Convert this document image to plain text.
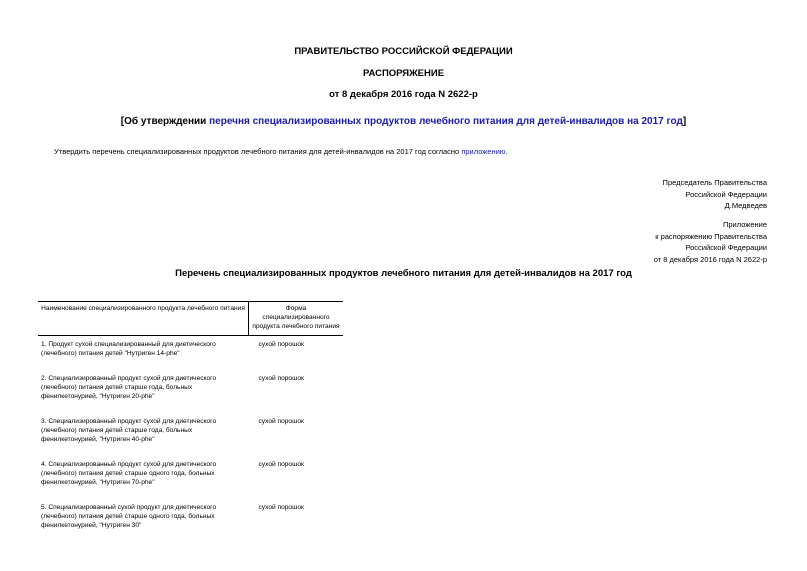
ПРАВИТЕЛЬСТВО РОССИЙСКОЙ ФЕДЕРАЦИИ
РАСПОРЯЖЕНИЕ
от 8 декабря 2016 года N 2622-р
[Об утверждении перечня специализированных продуктов лечебного питания для детей-инвалидов на 2017 год]
Утвердить перечень специализированных продуктов лечебного питания для детей-инвалидов на 2017 год согласно приложению.
Председатель Правительства
Российской Федерации
Д.Медведев
Приложение
к распоряжению Правительства
Российской Федерации
от 8 декабря 2016 года N 2622-р
Перечень специализированных продуктов лечебного питания для детей-инвалидов на 2017 год
Наименование специализированного продукта лечебного питания	Форма специализированного продукта лечебного питания
1. Продукт сухой специализированный для диетического (лечебного) питания детей "Нутриген 14-phe"	сухой порошок
2. Специализированный продукт сухой для диетического (лечебного) питания детей старше года, больных фенилкетонурией, "Нутриген 20-phe"	сухой порошок
3. Специализированный продукт сухой для диетического (лечебного) питания детей старше года, больных фенилкетонурией, "Нутриген 40-phe"	сухой порошок
4. Специализированный продукт сухой для диетического (лечебного) питания детей старше одного года, больных фенилкетонурией, "Нутриген 70-phe"	сухой порошок
5. Специализированный сухой продукт для диетического (лечебного) питания детей старше одного года, больных фенилкетонурией, "Нутриген 30"	сухой порошок
